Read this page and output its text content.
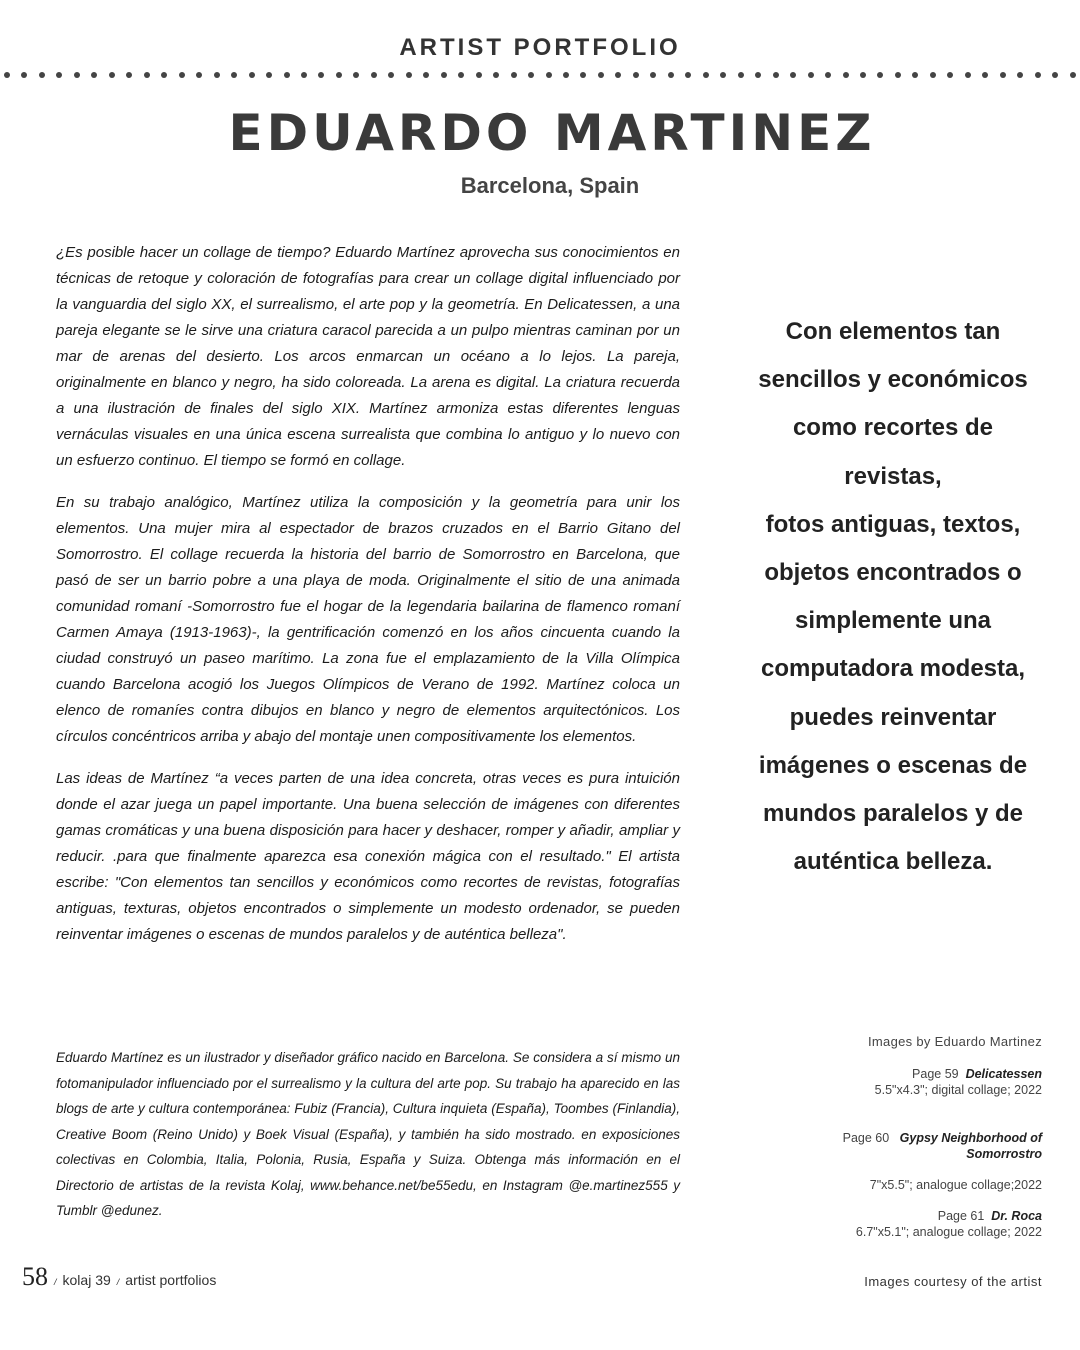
ARTIST PORTFOLIO
EDUARDO MARTINEZ
Barcelona, Spain

¿Es posible hacer un collage de tiempo? Eduardo Martínez aprovecha sus conocimientos en técnicas de retoque y coloración de fotografías para crear un collage digital influenciado por la vanguardia del siglo XX, el surrealismo, el arte pop y la geometría. En Delicatessen, a una pareja elegante se le sirve una criatura caracol parecida a un pulpo mientras caminan por un mar de arenas del desierto. Los arcos enmarcan un océano a lo lejos. La pareja, originalmente en blanco y negro, ha sido coloreada. La arena es digital. La criatura recuerda a una ilustración de finales del siglo XIX. Martínez armoniza estas diferentes lenguas vernáculas visuales en una única escena surrealista que combina lo antiguo y lo nuevo con un esfuerzo continuo. El tiempo se formó en collage.

En su trabajo analógico, Martínez utiliza la composición y la geometría para unir los elementos. Una mujer mira al espectador de brazos cruzados en el Barrio Gitano del Somorrostro. El collage recuerda la historia del barrio de Somorrostro en Barcelona, que pasó de ser un barrio pobre a una playa de moda. Originalmente el sitio de una animada comunidad romaní -Somorrostro fue el hogar de la legendaria bailarina de flamenco romaní Carmen Amaya (1913-1963)-, la gentrificación comenzó en los años cincuenta cuando la ciudad construyó un paseo marítimo. La zona fue el emplazamiento de la Villa Olímpica cuando Barcelona acogió los Juegos Olímpicos de Verano de 1992. Martínez coloca un elenco de romaníes contra dibujos en blanco y negro de elementos arquitectónicos. Los círculos concéntricos arriba y abajo del montaje unen compositivamente los elementos.

Las ideas de Martínez “a veces parten de una idea concreta, otras veces es pura intuición donde el azar juega un papel importante. Una buena selección de imágenes con diferentes gamas cromáticas y una buena disposición para hacer y deshacer, romper y añadir, ampliar y reducir. .para que finalmente aparezca esa conexión mágica con el resultado." El artista escribe: "Con elementos tan sencillos y económicos como recortes de revistas, fotografías antiguas, texturas, objetos encontrados o simplemente un modesto ordenador, se pueden reinventar imágenes o escenas de mundos paralelos y de auténtica belleza".

Eduardo Martínez es un ilustrador y diseñador gráfico nacido en Barcelona. Se considera a sí mismo un fotomanipulador influenciado por el surrealismo y la cultura del arte pop. Su trabajo ha aparecido en las blogs de arte y cultura contemporánea: Fubiz (Francia), Cultura inquieta (España), Toombes (Finlandia), Creative Boom (Reino Unido) y Boek Visual (España), y también ha sido mostrado. en exposiciones colectivas en Colombia, Italia, Polonia, Rusia, España y Suiza. Obtenga más información en el Directorio de artistas de la revista Kolaj, www.behance.net/be55edu, en Instagram @e.martinez555 y Tumblr @edunez.

Con elementos tan
sencillos y económicos
como recortes de
revistas,
fotos antiguas, textos,
objetos encontrados o
simplemente una
computadora modesta,
puedes reinventar
imágenes o escenas de
mundos paralelos y de
auténtica belleza.
Images by Eduardo Martinez
Page 59 Delicatessen
5.5"x4.3"; digital collage; 2022
Page 60 Gypsy Neighborhood of
Somorrostro
7"x5.5"; analogue collage;2022
Page 61 Dr. Roca
6.7"x5.1"; analogue collage; 2022
58 / kolaj 39 / artist portfolios	Images courtesy of the artist
